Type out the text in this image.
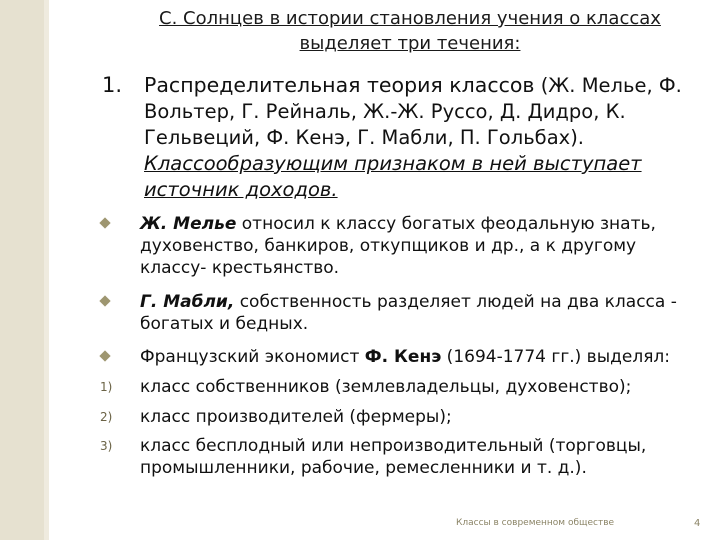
С. Солнцев в истории становления учения о классах
выделяет три течения:
1. Распределительная теория классов (Ж. Мелье, Ф. Вольтер, Г. Рейналь, Ж.-Ж. Руссо, Д. Дидро, К. Гельвеций, Ф. Кенэ, Г. Мабли, П. Гольбах). Классообразующим признаком в ней выступает источник доходов.
Ж. Мелье относил к классу богатых феодальную знать, духовенство, банкиров, откупщиков и др., а к другому классу- крестьянство.
Г. Мабли, собственность разделяет людей на два класса - богатых и бедных.
Французский экономист Ф. Кенэ (1694-1774 гг.) выделял:
1)	класс собственников (землевладельцы, духовенство);
2)	класс производителей (фермеры);
3)	класс бесплодный или непроизводительный (торговцы, промышленники, рабочие, ремесленники и т. д.).
Классы в современном обществе	4
